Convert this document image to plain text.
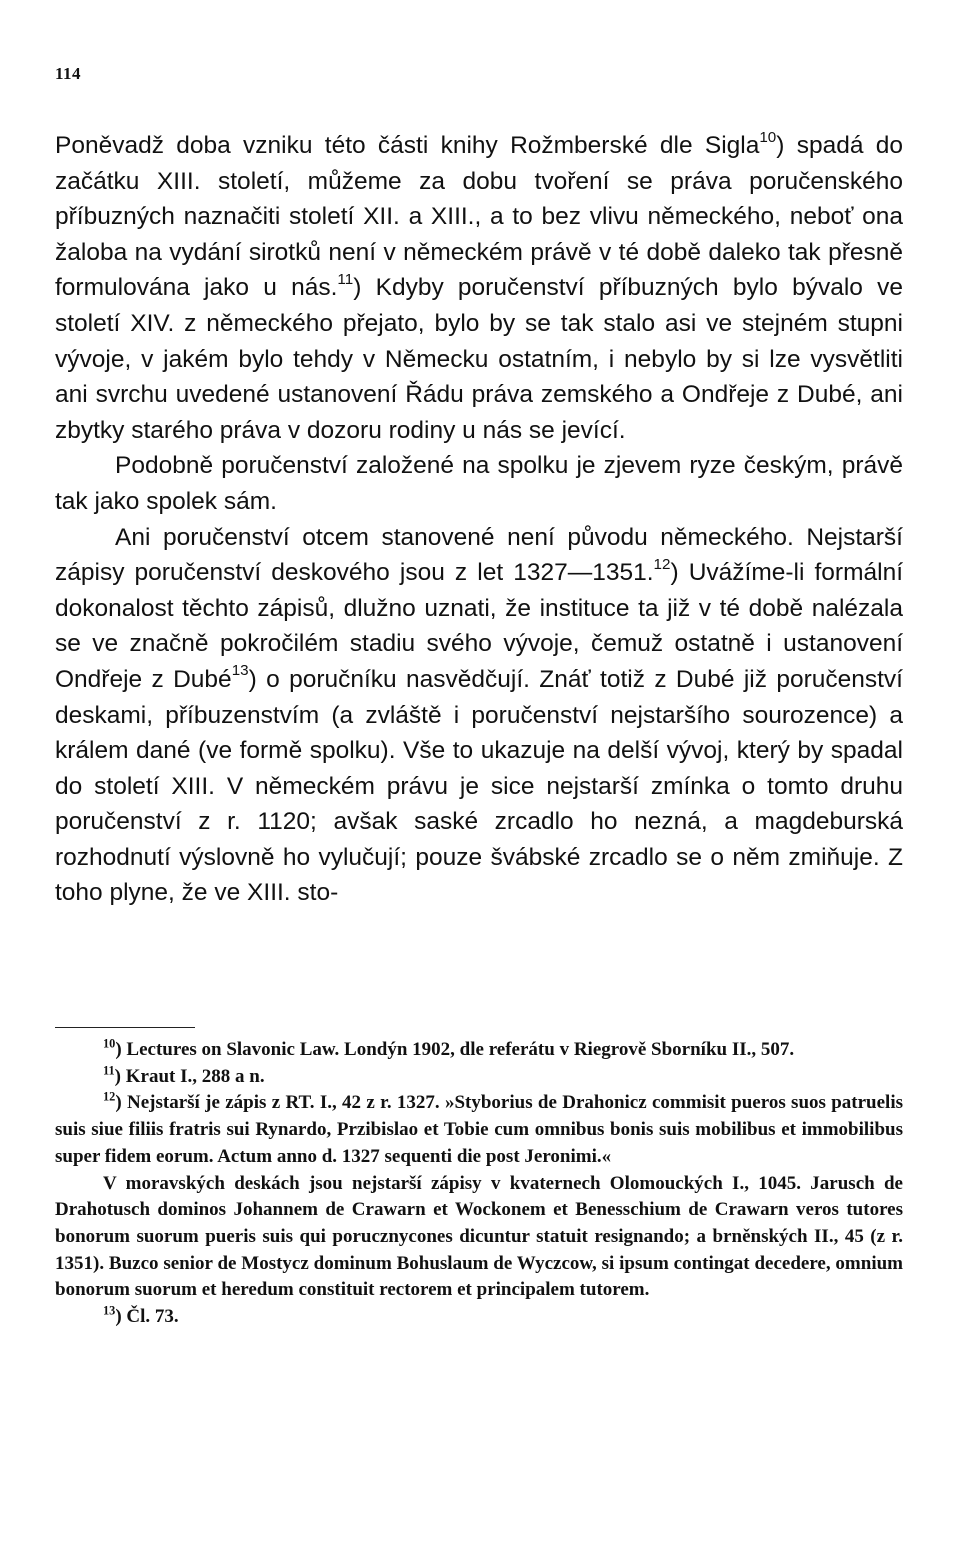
114

Poněvadž doba vzniku této části knihy Rožmberské dle Sigla$^{10}$) spadá do začátku XIII. století, můžeme za dobu tvoření se práva poručenského příbuzných naznačiti století XII. a XIII., a to bez vlivu německého, neboť ona žaloba na vydání sirotků není v německém právě v té době daleko tak přesně formulována jako u nás.$^{11}$) Kdyby poručenství příbuzných bylo bývalo ve století XIV. z německého přejato, bylo by se tak stalo asi ve stejném stupni vývoje, v jakém bylo tehdy v Německu ostatním, i nebylo by si lze vysvětliti ani svrchu uvedené ustanovení Řádu práva zemského a Ondřeje z Dubé, ani zbytky starého práva v dozoru rodiny u nás se jevící.

Podobně poručenství založené na spolku je zjevem ryze českým, právě tak jako spolek sám.

Ani poručenství otcem stanovené není původu německého. Nejstarší zápisy poručenství deskového jsou z let 1327—1351.12) Uvážíme-li formální dokonalost těchto zápisů, dlužno uznati, že instituce ta již v té době nalézala se ve značně pokročilém stadiu svého vývoje, čemuž ostatně i ustanovení Ondřeje z Dubé$^{13}$) o poručníku nasvědčují. Znáť totiž z Dubé již poručenství deskami, příbuzenstvím (a zvláště i poručenství nejstaršího sourozence) a králem dané (ve formě spolku). Vše to ukazuje na delší vývoj, který by spadal do století XIII. V německém právu je sice nejstarší zmínka o tomto druhu poručenství z r. 1120; avšak saské zrcadlo ho nezná, a magdeburská rozhodnutí výslovně ho vylučují; pouze švábské zrcadlo se o něm zmiňuje. Z toho plyne, že ve XIII. sto-

$^{10}$) Lectures on Slavonic Law. Londýn 1902, dle referátu v Riegrově Sborníku II., 507.

$^{11}$) Kraut I., 288 a n.

$^{12}$) Nejstarší je zápis z RT. I., 42 z r. 1327. »Styborius de Drahonicz commisit pueros suos patruelis suis siue filiis fratris sui Rynardo, Przibislao et Tobie cum omnibus bonis suis mobilibus et immobilibus super fidem eorum. Actum anno d. 1327 sequenti die post Jeronimi.«

V moravských deskách jsou nejstarší zápisy v kvaternech Olomouckých I., 1045. Jarusch de Drahotusch dominos Johannem de Crawarn et Wockonem et Benesschium de Crawarn veros tutores bonorum suorum pueris suis qui porucznycones dicuntur statuit resignando; a brněnských II., 45 (z r. 1351). Buzco senior de Mostycz dominum Bohuslaum de Wyczcow, si ipsum contingat decedere, omnium bonorum suorum et heredum constituit rectorem et principalem tutorem.

$^{13}$) Čl. 73.
